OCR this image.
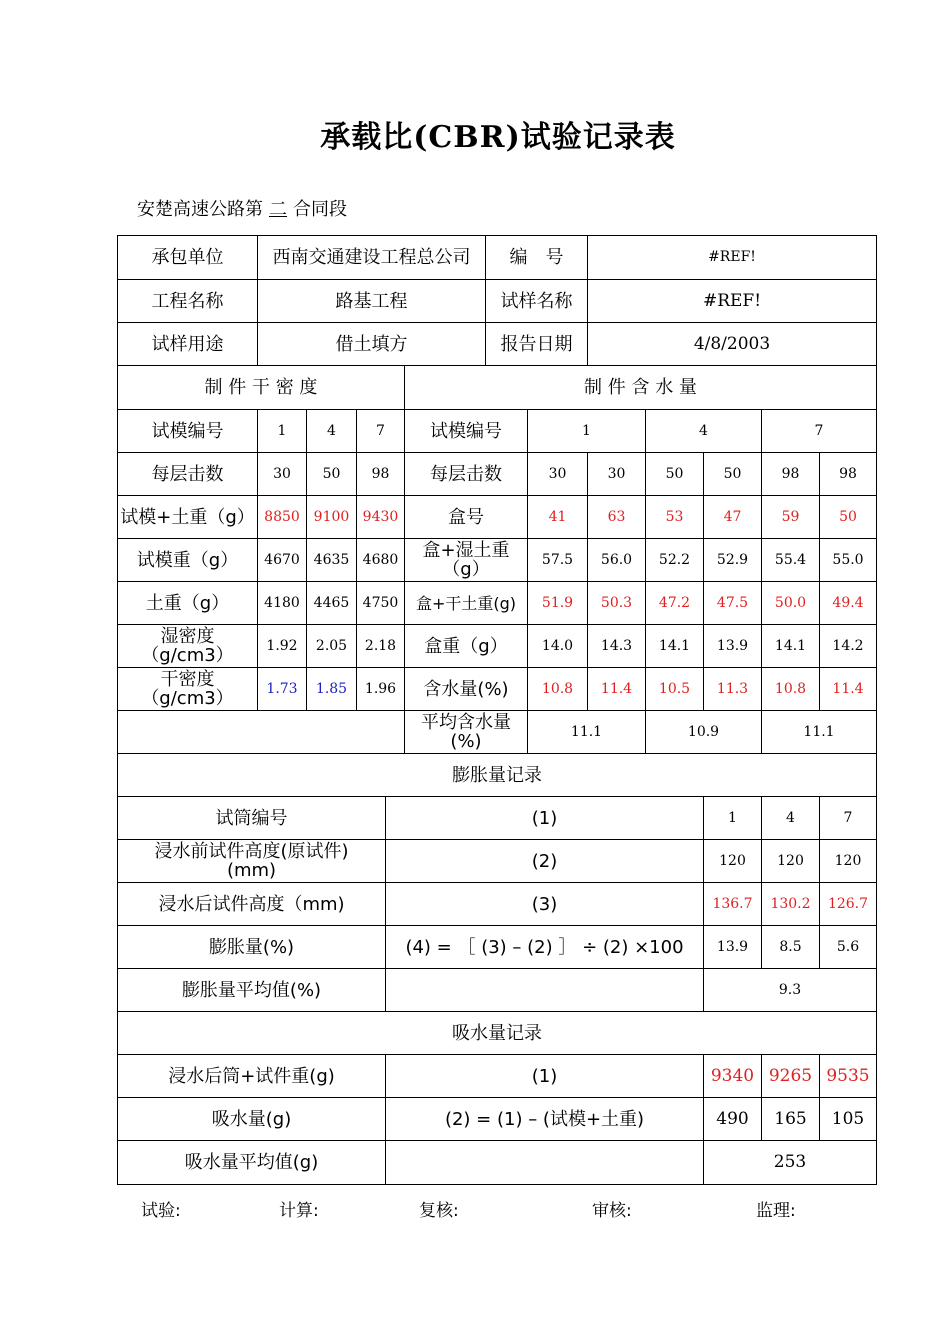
承载比(CBR)试验记录表
安楚高速公路第 二 合同段
承包单位	西南交通建设工程总公司	编　号	#REF!
工程名称	路基工程	试样名称	#REF!
试样用途	借土填方	报告日期	4/8/2003
制 件 干 密 度	制 件 含 水 量
试模编号	1	4	7	试模编号	1	4	7
每层击数	30	50	98	每层击数	30	30	50	50	98	98
试模+土重（g） 8850 9100 9430	盒号	41	63	53	47	59	50
试模重（g）	4670 4635 4680	盒+湿土重（g）	57.5	56.0	52.2	52.9	55.4	55.0
土重（g）	4180 4465 4750	盒+干土重(g)	51.9	50.3	47.2	47.5	50.0	49.4
湿密度（g/cm3）	1.92	2.05	2.18	盒重（g）	14.0	14.3	14.1	13.9	14.1	14.2
干密度（g/cm3）	1.73	1.85	1.96	含水量(%)	10.8	11.4	10.5	11.3	10.8	11.4
平均含水量(%)	11.1	10.9	11.1
膨胀量记录
试筒编号	(1)	1	4	7
浸水前试件高度(原试件)(mm)	(2)	120	120	120
浸水后试件高度（mm)	(3)	136.7	130.2	126.7
膨胀量(%)	(4) = ［ (3) – (2) ］ ÷ (2) ×100	13.9	8.5	5.6
膨胀量平均值(%)	9.3
吸水量记录
浸水后筒+试件重(g)	(1)	9340 9265 9535
吸水量(g)	(2) = (1) – (试模+土重)	490	165	105
吸水量平均值(g)	253
试验:	计算:	复核:	审核:	监理:
